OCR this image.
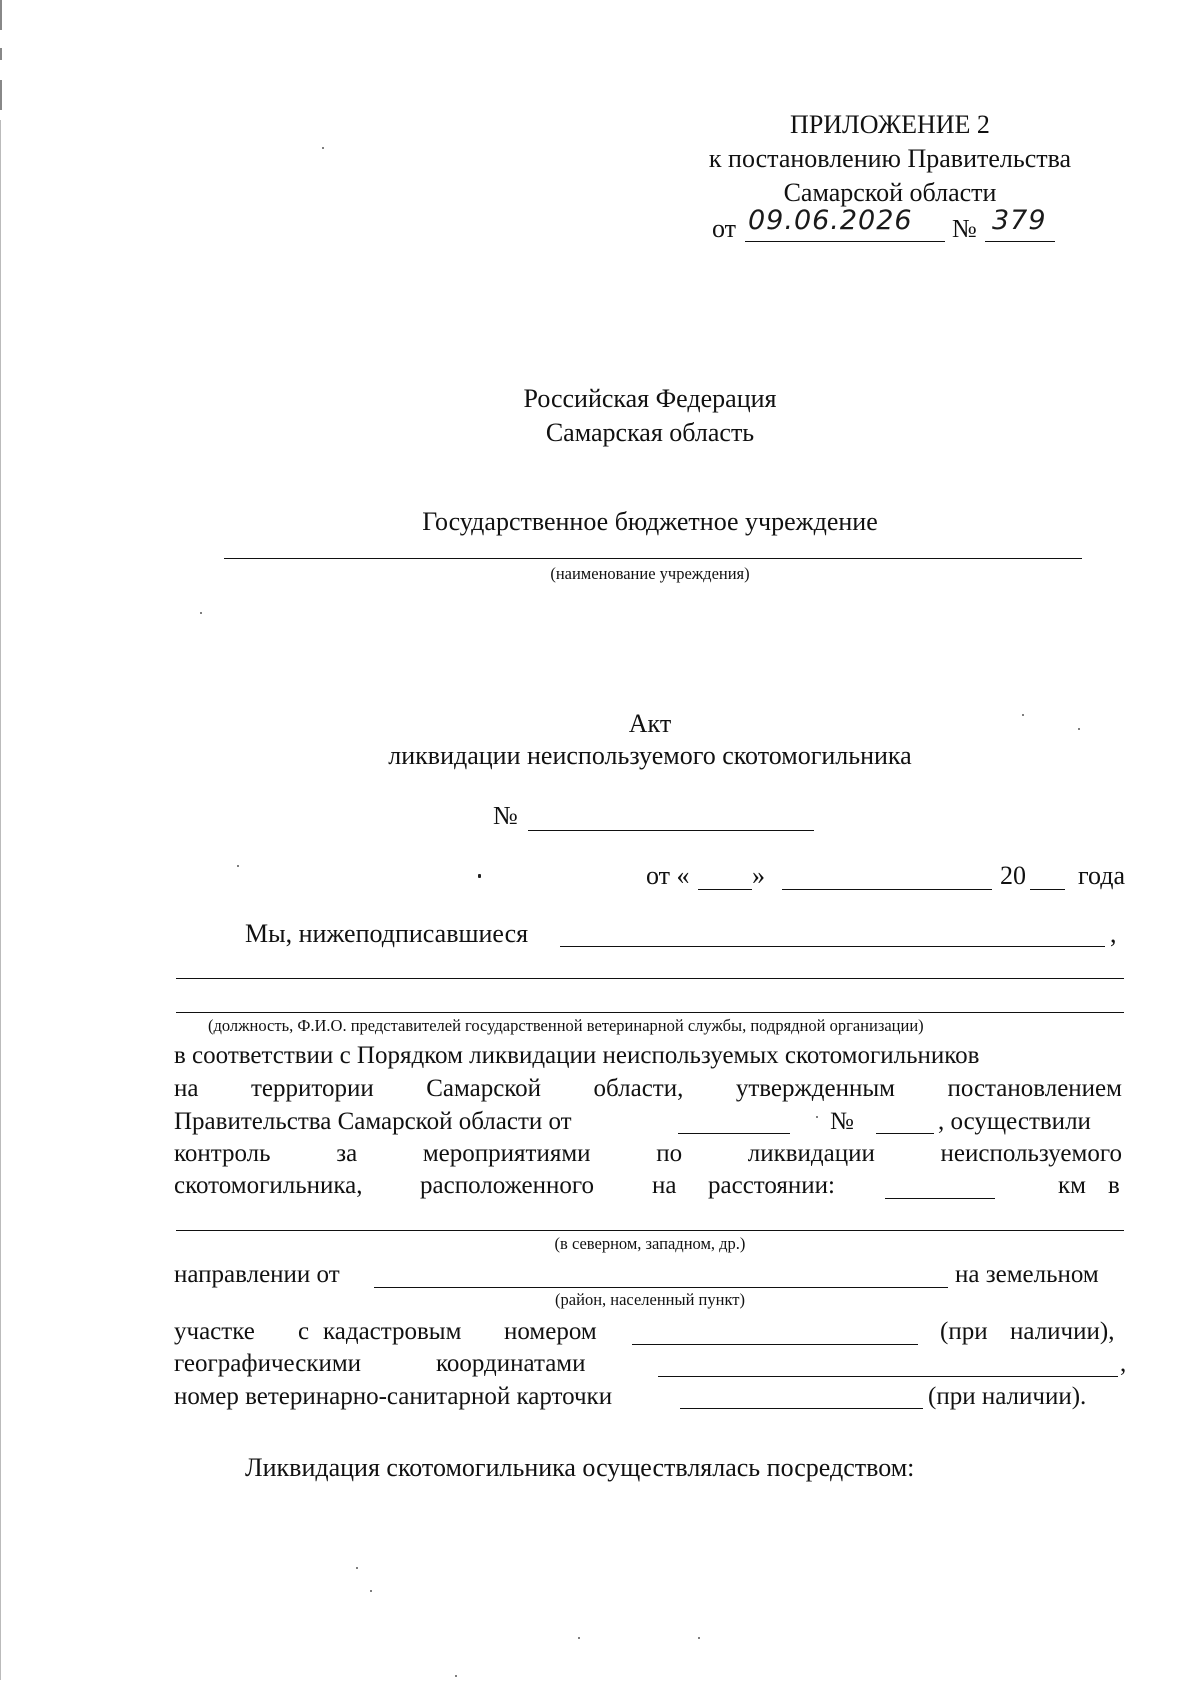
ПРИЛОЖЕНИЕ 2
к постановлению Правительства
Самарской области
от 09.06.2026 № 379
Российская Федерация
Самарская область
Государственное бюджетное учреждение
(наименование учреждения)
Акт
ликвидации неиспользуемого скотомогильника
№
от « »	20 года
Мы, нижеподписавшиеся	,
(должность, Ф.И.О. представителей государственной ветеринарной службы, подрядной организации)
в соответствии с Порядком ликвидации неиспользуемых скотомогильников
на территории Самарской области, утвержденным постановлением
Правительства Самарской области от	№	, осуществили
контроль	за	мероприятиями	по	ликвидации	неиспользуемого
скотомогильника, расположенного на расстоянии:	км в
(в северном, западном, др.)
направлении от	на земельном
(район, населенный пункт)
участке с кадастровым номером	(при наличии),
географическими	координатами	,
номер ветеринарно-санитарной карточки	(при наличии).
Ликвидация скотомогильника осуществлялась посредством:
